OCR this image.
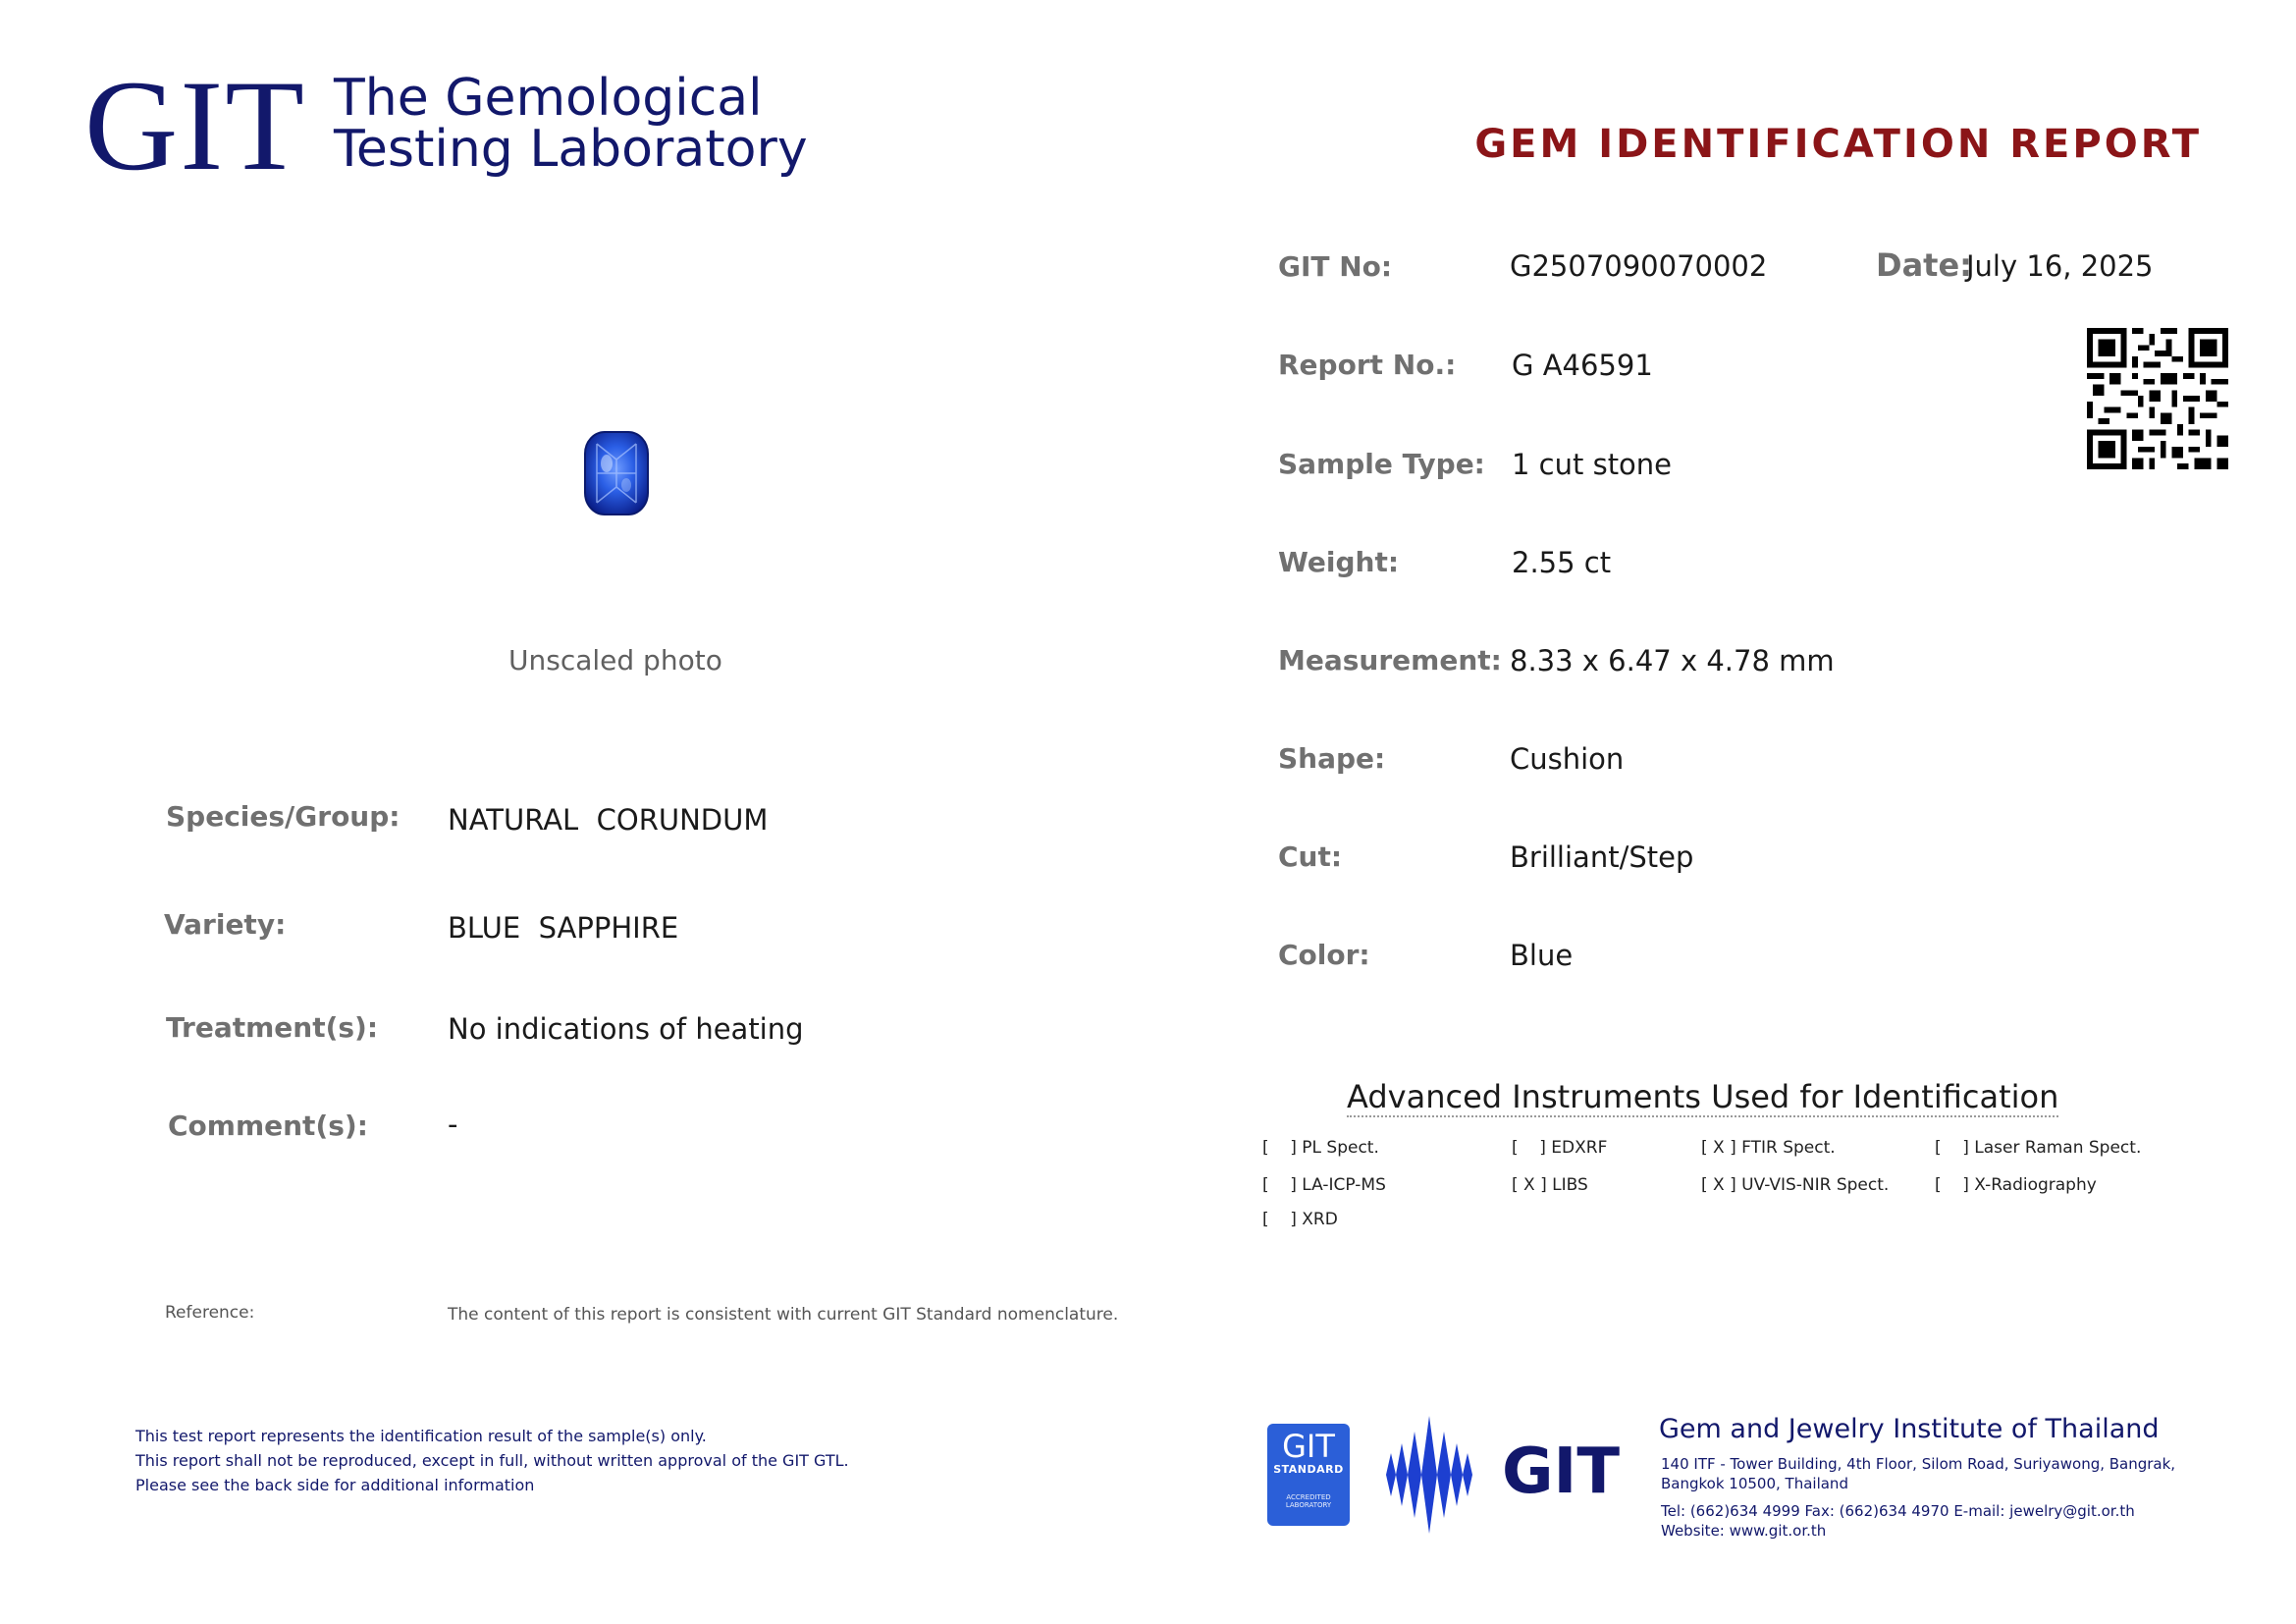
GIT The Gemological
Testing Laboratory	GEM IDENTIFICATION REPORT
GIT No:	G2507090070002	Date:
July 16, 2025
Report No.: G A46591
Sample Type: 1 cut stone
Weight:	2.55 ct
Measurement: 8.33 x 6.47 x 4.78 mm
Shape:	Cushion
Cut:	Brilliant/Step
Color:	Blue
Unscaled photo
Species/Group: NATURAL  CORUNDUM
Variety:	BLUE  SAPPHIRE
Treatment(s): No indications of heating
Comment(s):	-
Reference:	The content of this report is consistent with current GIT Standard nomenclature.
Advanced Instruments Used for Identification
[    ] PL Spect.	[    ] EDXRF	[ X ] FTIR Spect.	[    ] Laser Raman Spect.
[    ] LA-ICP-MS	[ X ] LIBS	[ X ] UV-VIS-NIR Spect.	[    ] X-Radiography
[    ] XRD
This test report represents the identification result of the sample(s) only.
This report shall not be reproduced, except in full, without written approval of the GIT GTL.
Please see the back side for additional information
GIT
STANDARD
ACCREDITED LABORATORY	GIT
Gem and Jewelry Institute of Thailand
140 ITF - Tower Building, 4th Floor, Silom Road, Suriyawong, Bangrak,
Bangkok 10500, Thailand
Tel: (662)634 4999 Fax: (662)634 4970 E-mail: jewelry@git.or.th
Website: www.git.or.th
